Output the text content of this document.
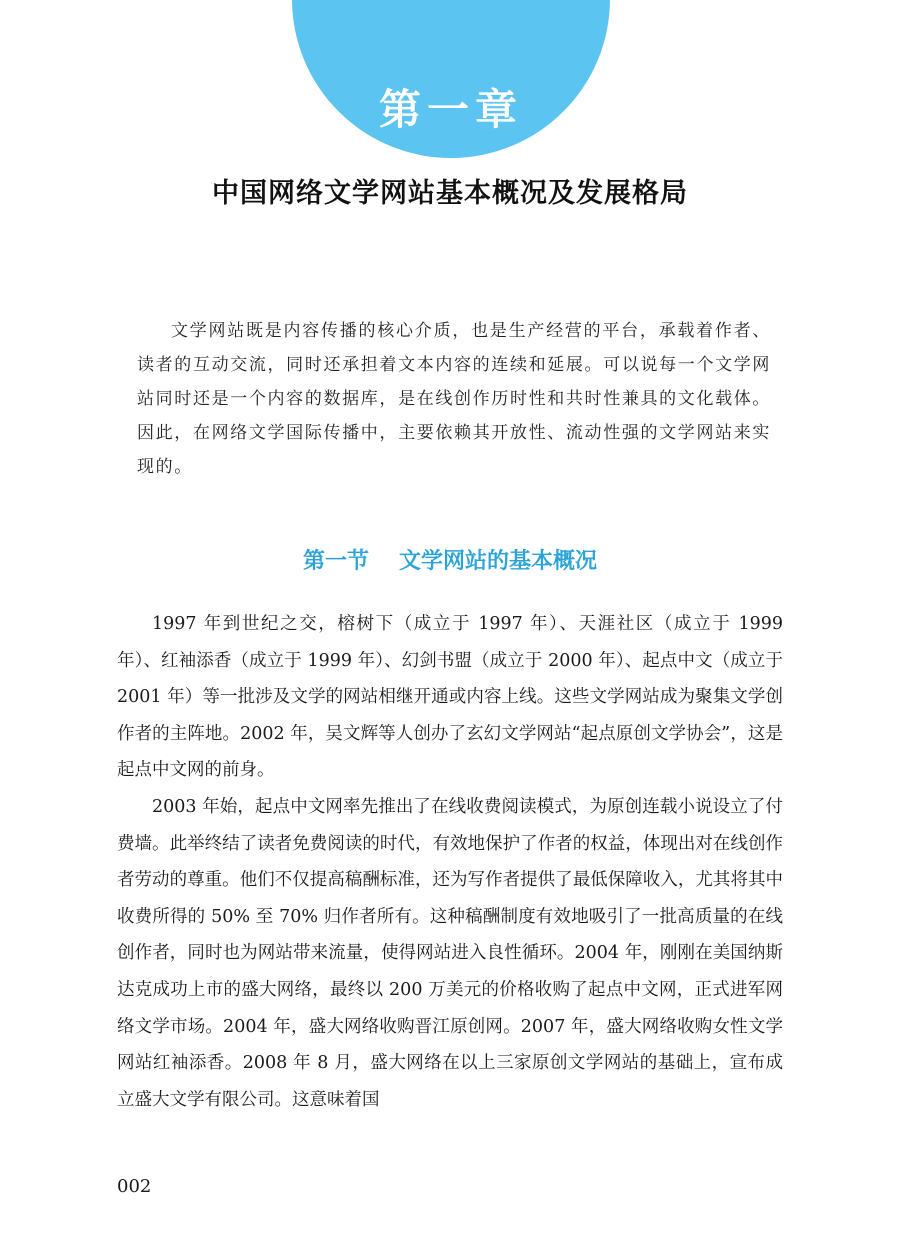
第一章
中国网络文学网站基本概况及发展格局

文学网站既是内容传播的核心介质，也是生产经营的平台，承载着作者、读者的互动交流，同时还承担着文本内容的连续和延展。可以说每一个文学网站同时还是一个内容的数据库，是在线创作历时性和共时性兼具的文化载体。因此，在网络文学国际传播中，主要依赖其开放性、流动性强的文学网站来实现的。

第一节 文学网站的基本概况

1997 年到世纪之交，榕树下（成立于 1997 年）、天涯社区（成立于 1999 年）、红袖添香（成立于 1999 年）、幻剑书盟（成立于 2000 年）、起点中文（成立于 2001 年）等一批涉及文学的网站相继开通或内容上线。这些文学网站成为聚集文学创作者的主阵地。2002 年，吴文辉等人创办了玄幻文学网站“起点原创文学协会”，这是起点中文网的前身。

2003 年始，起点中文网率先推出了在线收费阅读模式，为原创连载小说设立了付费墙。此举终结了读者免费阅读的时代，有效地保护了作者的权益，体现出对在线创作者劳动的尊重。他们不仅提高稿酬标准，还为写作者提供了最低保障收入，尤其将其中收费所得的 50% 至 70% 归作者所有。这种稿酬制度有效地吸引了一批高质量的在线创作者，同时也为网站带来流量，使得网站进入良性循环。2004 年，刚刚在美国纳斯达克成功上市的盛大网络，最终以 200 万美元的价格收购了起点中文网，正式进军网络文学市场。2004 年，盛大网络收购晋江原创网。2007 年，盛大网络收购女性文学网站红袖添香。2008 年 8 月，盛大网络在以上三家原创文学网站的基础上，宣布成立盛大文学有限公司。这意味着国

002
